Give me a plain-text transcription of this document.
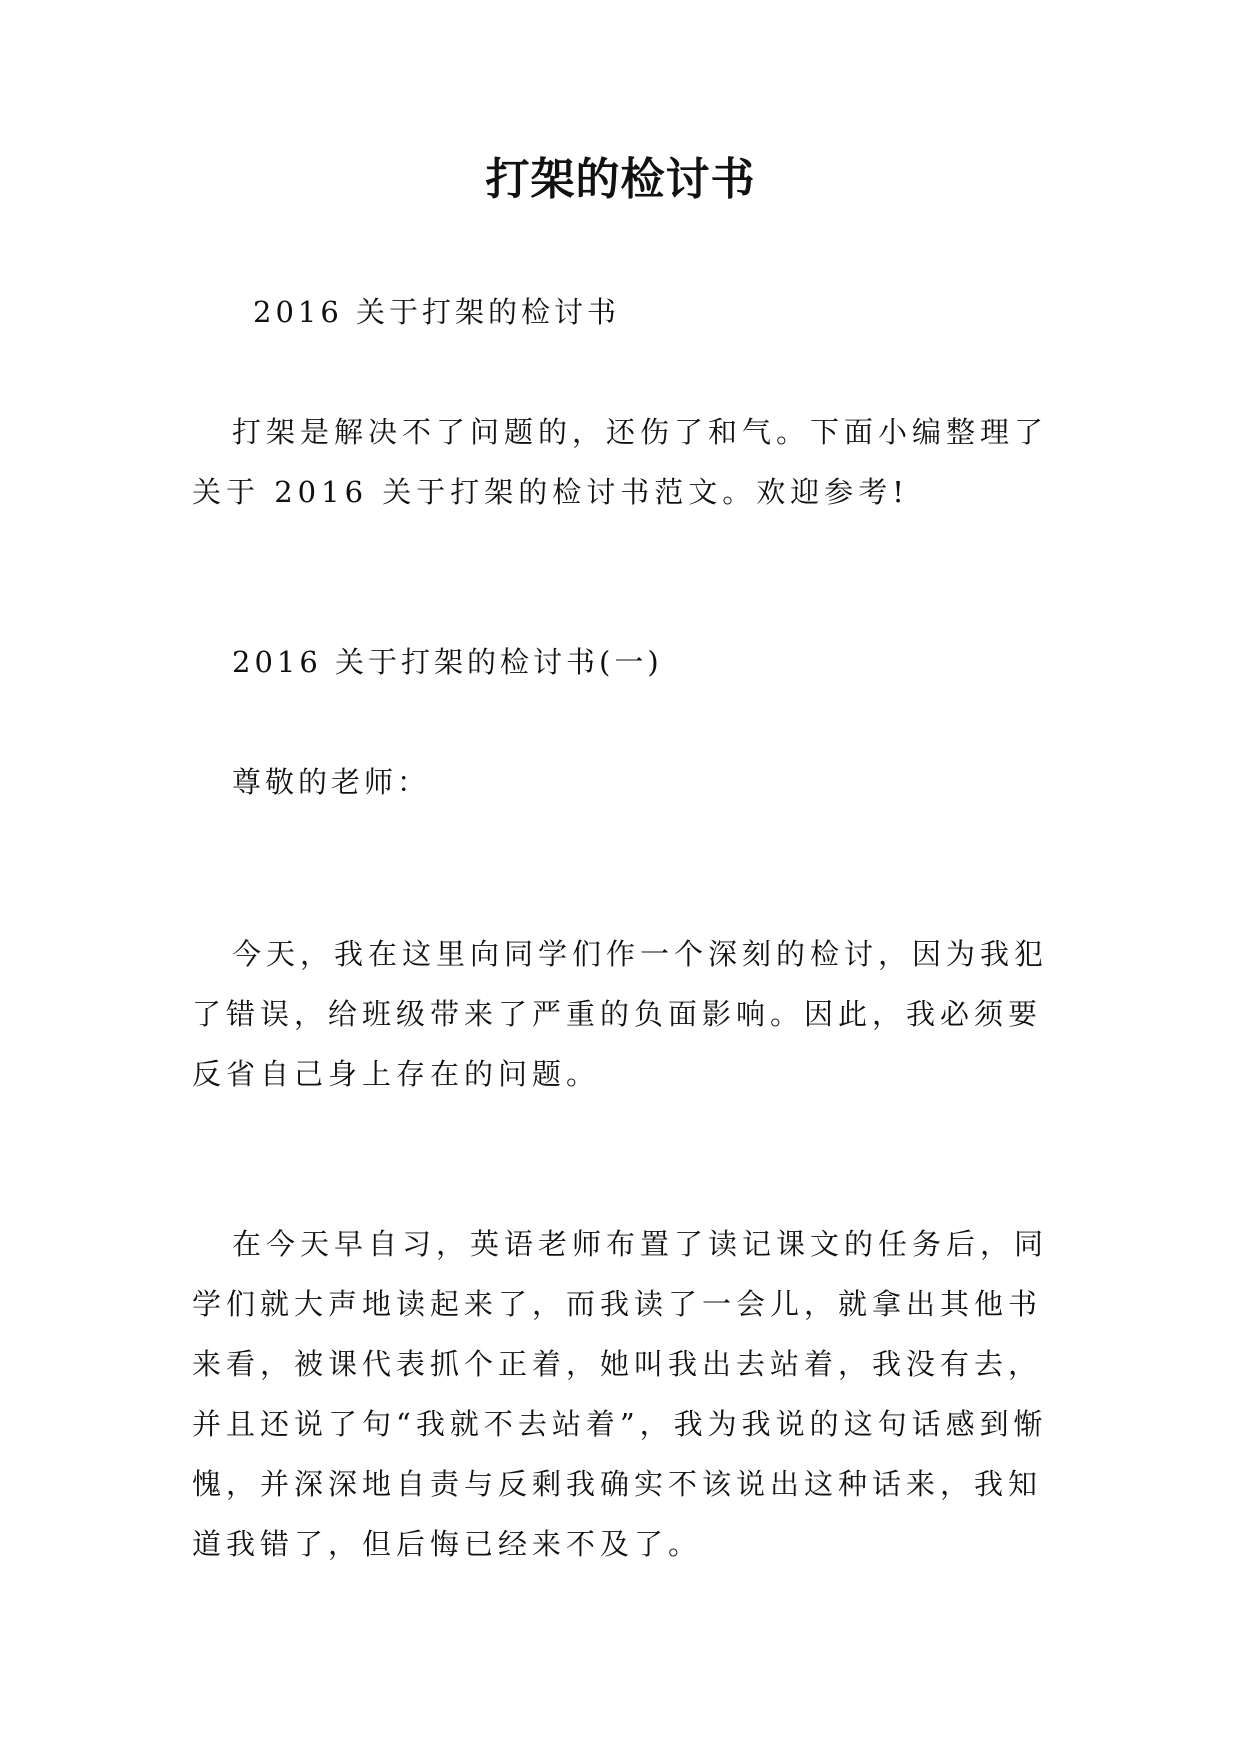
打架的检讨书
2016 关于打架的检讨书

打架是解决不了问题的，还伤了和气。下面小编整理了关于 2016 关于打架的检讨书范文。欢迎参考!

2016 关于打架的检讨书(一)
尊敬的老师：

今天，我在这里向同学们作一个深刻的检讨，因为我犯了错误，给班级带来了严重的负面影响。因此，我必须要反省自己身上存在的问题。

在今天早自习，英语老师布置了读记课文的任务后，同学们就大声地读起来了，而我读了一会儿，就拿出其他书来看，被课代表抓个正着，她叫我出去站着，我没有去，并且还说了句“我就不去站着”，我为我说的这句话感到惭愧，并深深地自责与反剩我确实不该说出这种话来，我知道我错了，但后悔已经来不及了。
